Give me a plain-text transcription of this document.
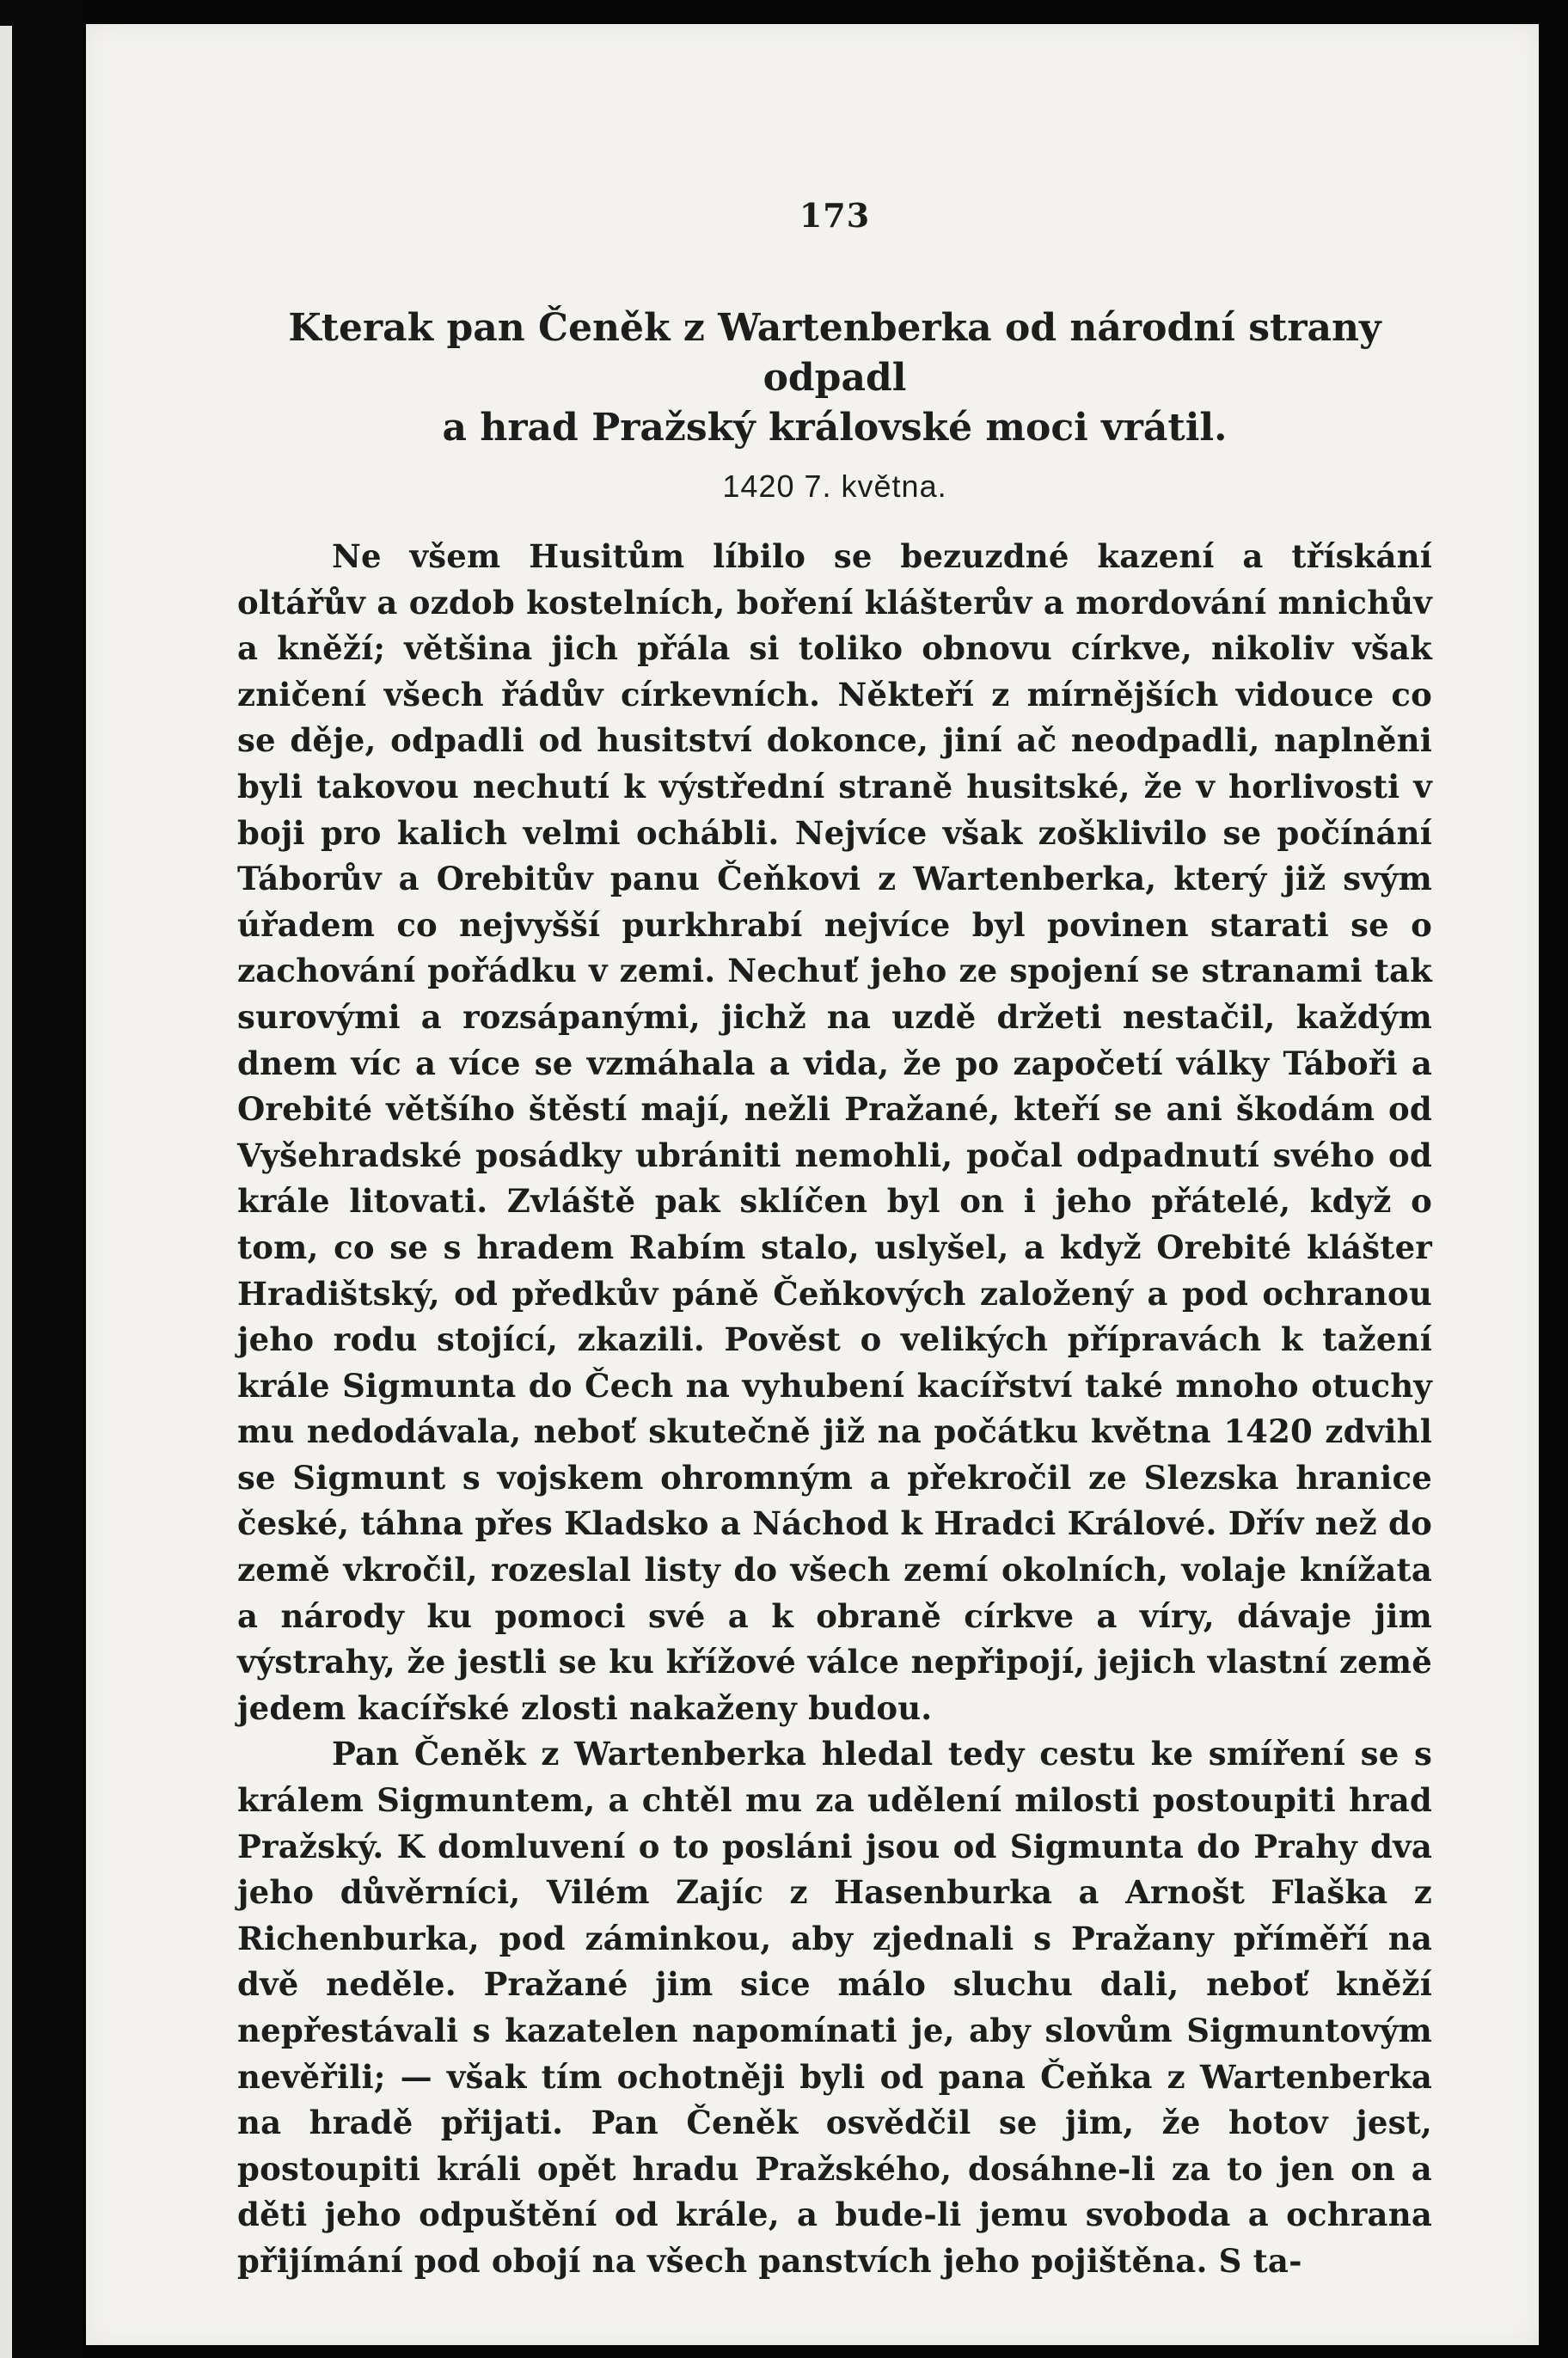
173
Kterak pan Čeněk z Wartenberka od národní strany odpadl
a hrad Pražský královské moci vrátil.
1420 7. května.

Ne všem Husitům líbilo se bezuzdné kazení a třískání oltářův a ozdob kostelních, boření klášterův a mordování mnichův a kněží; většina jich přála si toliko obnovu církve, nikoliv však zničení všech řádův církevních. Někteří z mírnějších vidouce co se děje, odpadli od husitství dokonce, jiní ač neodpadli, naplněni byli takovou nechutí k výstřední straně husitské, že v horlivosti v boji pro kalich velmi ochábli. Nejvíce však zošklivilo se počínání Táborův a Orebitův panu Čeňkovi z Wartenberka, který již svým úřadem co nejvyšší purkhrabí nejvíce byl povinen starati se o zachování pořádku v zemi. Nechuť jeho ze spojení se stranami tak surovými a rozsápanými, jichž na uzdě držeti nestačil, každým dnem víc a více se vzmáhala a vida, že po započetí války Tábořі a Orebité většího štěstí mají, nežli Pražané, kteří se ani škodám od Vyšehradské posádky ubrániti nemohli, počal odpadnutí svého od krále litovati. Zvláště pak sklíčen byl on i jeho přátelé, když o tom, co se s hradem Rabím stalo, uslyšel, a když Orebité klášter Hradištský, od předkův páně Čeňkových založený a pod ochranou jeho rodu stojící, zkazili. Pověst o velikých přípravách k tažení krále Sigmunta do Čech na vyhubení kacířství také mnoho otuchy mu nedodávala, neboť skutečně již na počátku května 1420 zdvihl se Sigmunt s vojskem ohromným a překročil ze Slezska hranice české, táhna přes Kladsko a Náchod k Hradci Králové. Dřív než do země vkročil, rozeslal listy do všech zemí okolních, volaje knížata a národy ku pomoci své a k obraně církve a víry, dávaje jim výstrahy, že jestli se ku křížové válce nepřipojí, jejich vlastní země jedem kacířské zlosti nakaženy budou.

Pan Čeněk z Wartenberka hledal tedy cestu ke smíření se s králem Sigmuntem, a chtěl mu za udělení milosti postoupiti hrad Pražský. K domluvení o to posláni jsou od Sigmunta do Prahy dva jeho důvěrníci, Vilém Zajíc z Hasenburka a Arnošt Flaška z Richenburka, pod záminkou, aby zjednali s Pražany příměří na dvě neděle. Pražané jim sice málo sluchu dali, neboť kněží nepřestávali s kazatelen napomínati je, aby slovům Sigmuntovým nevěřili; — však tím ochotněji byli od pana Čeňka z Wartenberka na hradě přijati. Pan Čeněk osvědčil se jim, že hotov jest, postoupiti králi opět hradu Pražského, dosáhne-li za to jen on a děti jeho odpuštění od krále, a bude-li jemu svoboda a ochrana přijímání pod obojí na všech panstvích jeho pojištěna. S ta-
